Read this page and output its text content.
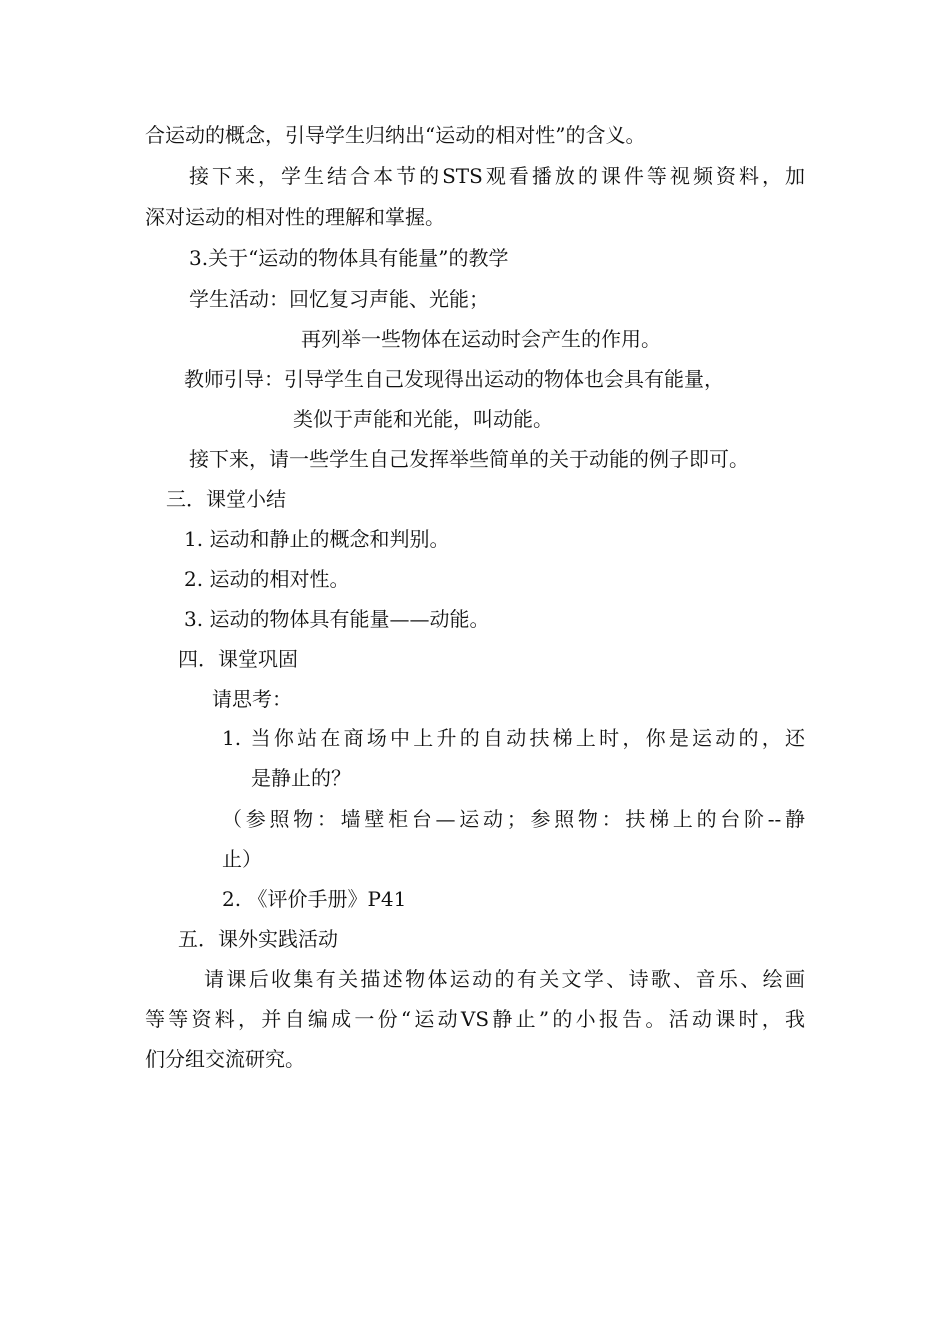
合运动的概念，引导学生归纳出“运动的相对性”的含义。
接下来，学生结合本节的STS观看播放的课件等视频资料，加
深对运动的相对性的理解和掌握。
3.关于“运动的物体具有能量”的教学
学生活动：回忆复习声能、光能；
再列举一些物体在运动时会产生的作用。
教师引导：引导学生自己发现得出运动的物体也会具有能量，
类似于声能和光能，叫动能。
接下来，请一些学生自己发挥举些简单的关于动能的例子即可。
三．课堂小结
1. 运动和静止的概念和判别。
2. 运动的相对性。
3. 运动的物体具有能量——动能。
四．课堂巩固
请思考：
1. 当你站在商场中上升的自动扶梯上时，你是运动的，还
是静止的？
（参照物：墙壁柜台—运动；参照物：扶梯上的台阶--静
止）
2. 《评价手册》P41
五．课外实践活动
请课后收集有关描述物体运动的有关文学、诗歌、音乐、绘画
等等资料，并自编成一份“运动VS静止”的小报告。活动课时，我
们分组交流研究。
